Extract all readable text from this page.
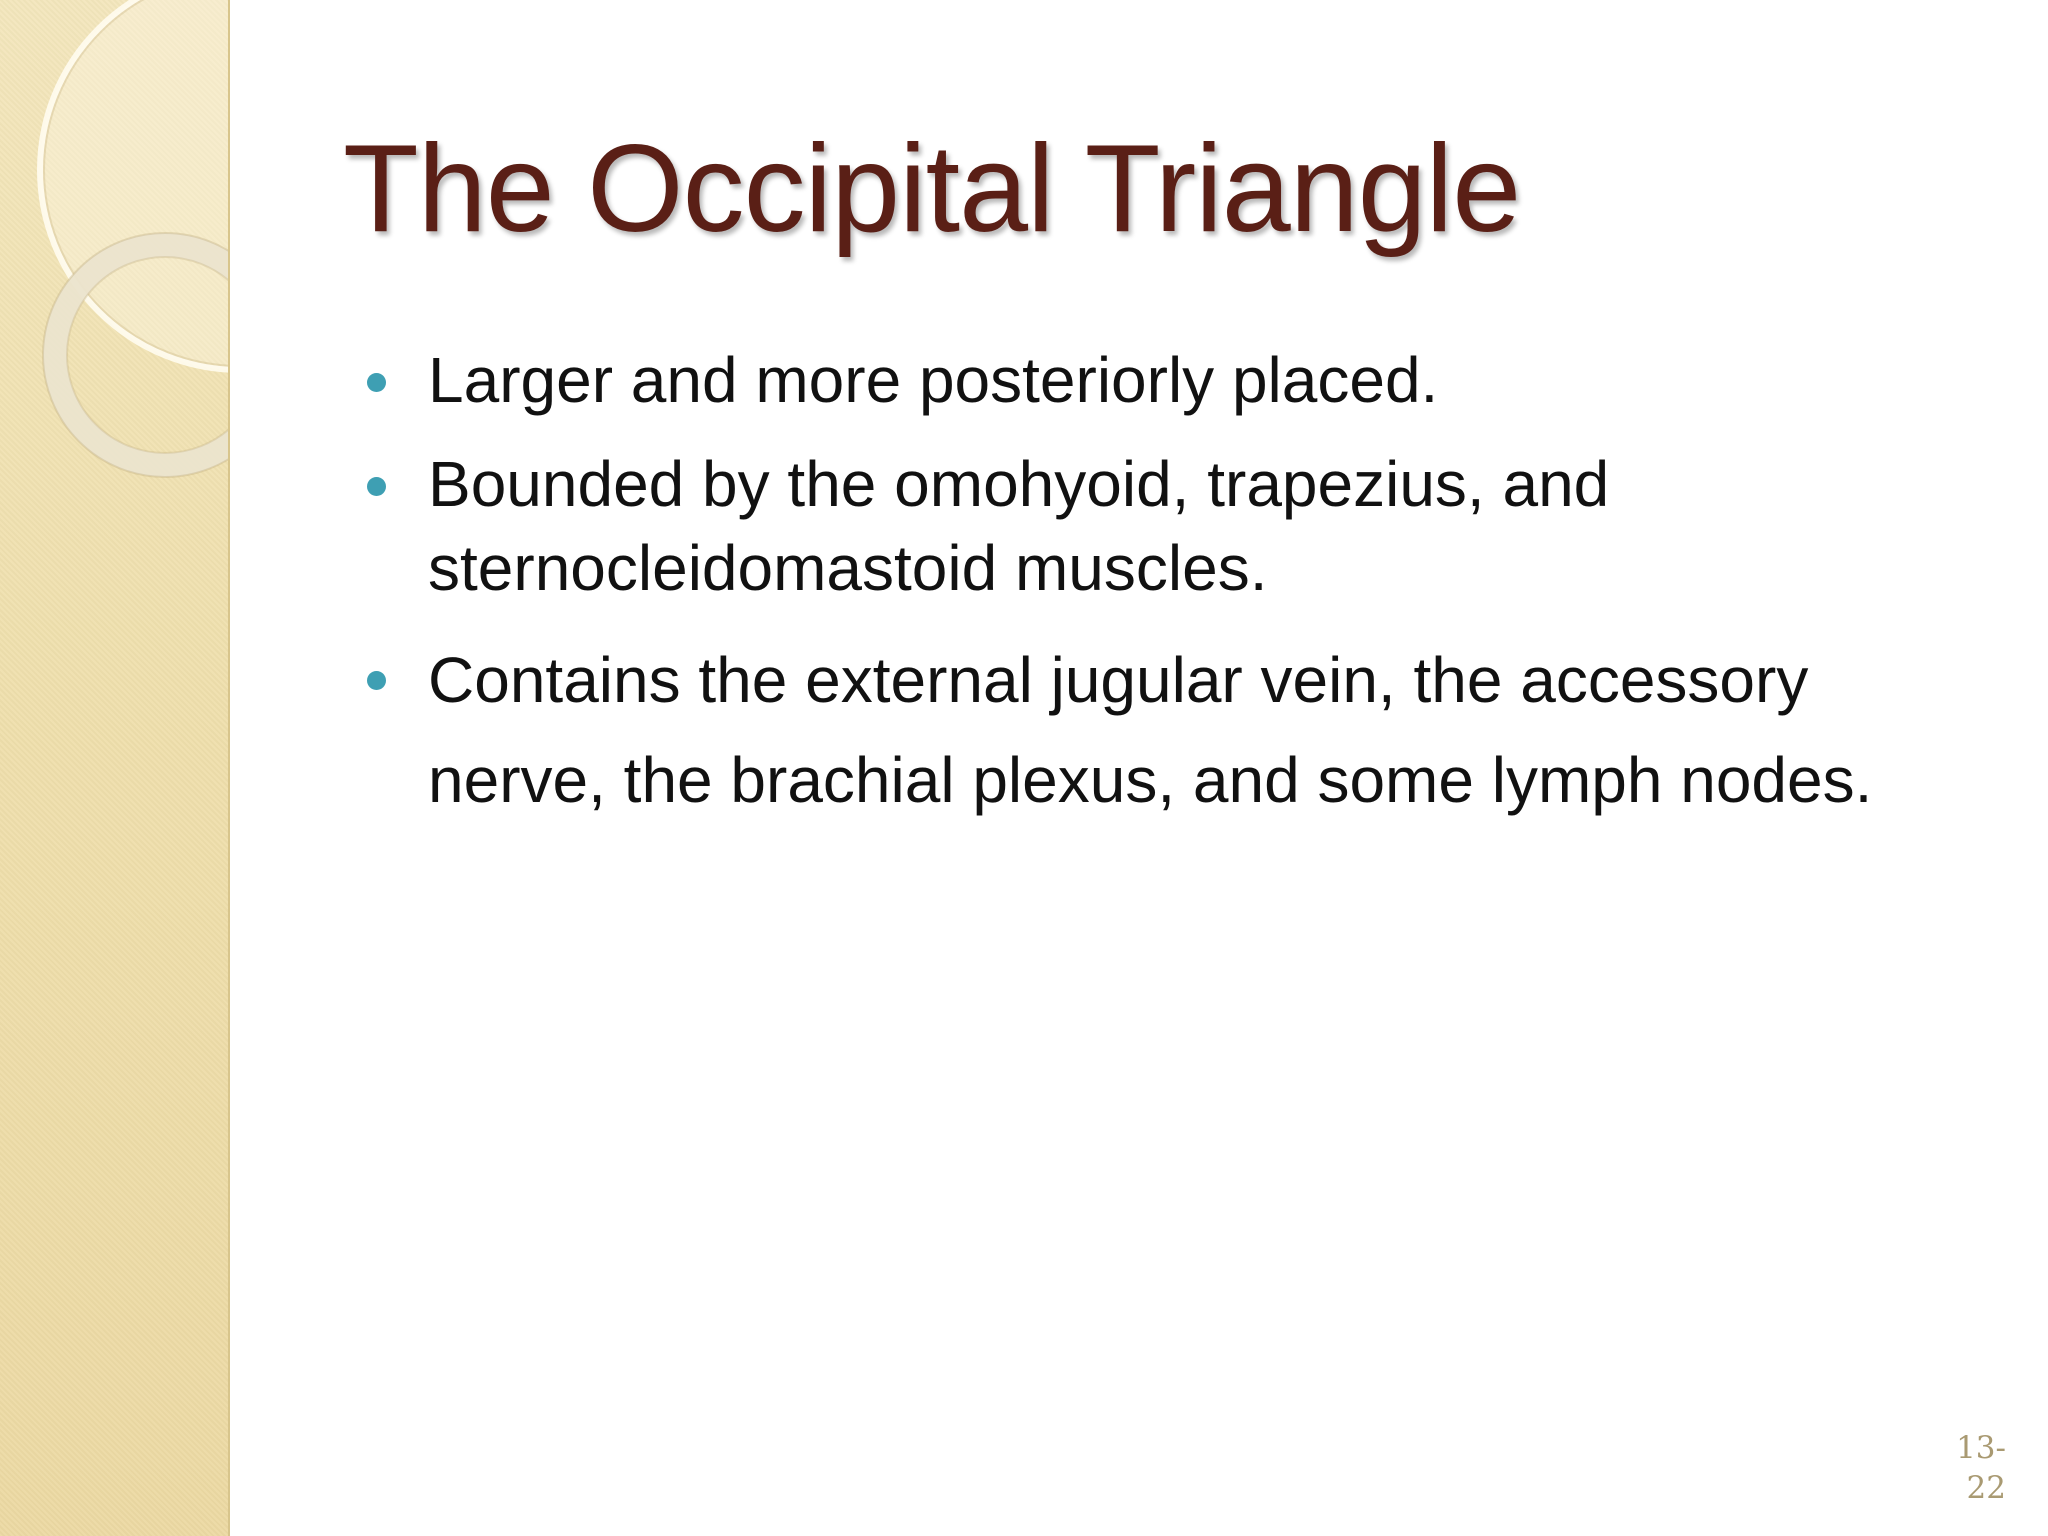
The Occipital Triangle
Larger and more posteriorly placed.
Bounded by the omohyoid, trapezius, and sternocleidomastoid muscles.
Contains the external jugular vein, the accessory nerve, the brachial plexus, and some lymph nodes.
13-
22
